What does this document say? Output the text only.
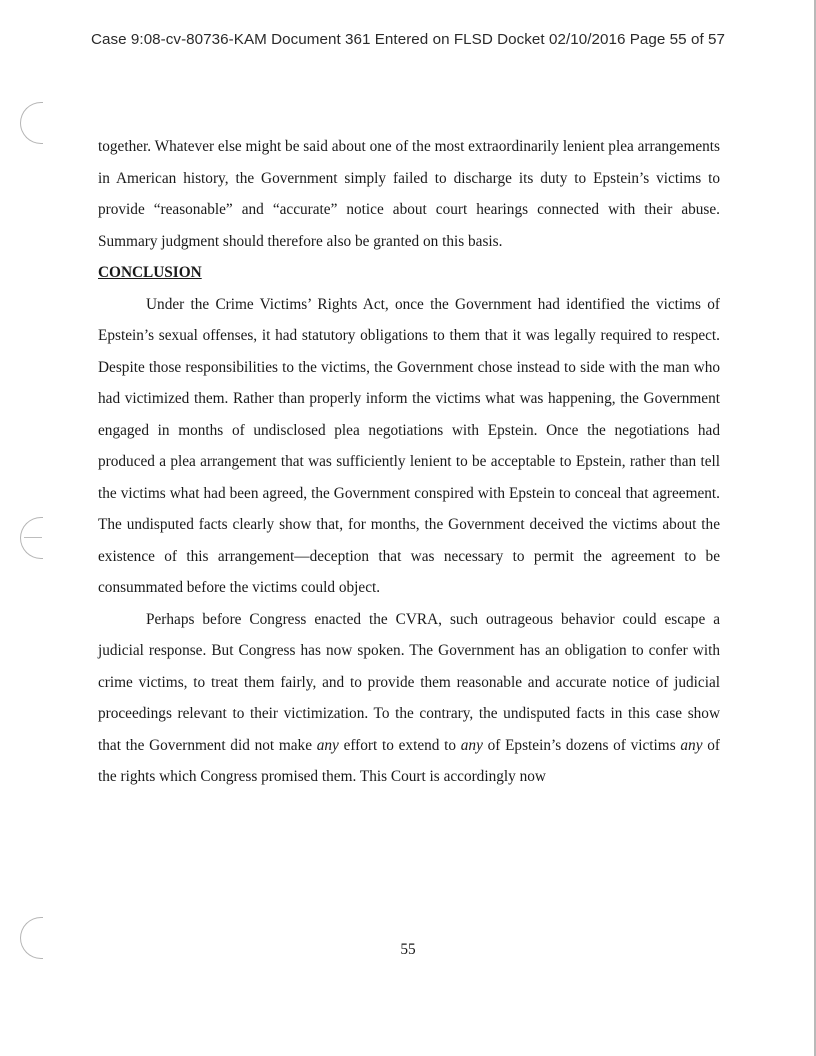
Case 9:08-cv-80736-KAM Document 361 Entered on FLSD Docket 02/10/2016 Page 55 of 57

together. Whatever else might be said about one of the most extraordinarily lenient plea arrangements in American history, the Government simply failed to discharge its duty to Epstein’s victims to provide “reasonable” and “accurate” notice about court hearings connected with their abuse. Summary judgment should therefore also be granted on this basis.

CONCLUSION

Under the Crime Victims’ Rights Act, once the Government had identified the victims of Epstein’s sexual offenses, it had statutory obligations to them that it was legally required to respect. Despite those responsibilities to the victims, the Government chose instead to side with the man who had victimized them. Rather than properly inform the victims what was happening, the Government engaged in months of undisclosed plea negotiations with Epstein. Once the negotiations had produced a plea arrangement that was sufficiently lenient to be acceptable to Epstein, rather than tell the victims what had been agreed, the Government conspired with Epstein to conceal that agreement. The undisputed facts clearly show that, for months, the Government deceived the victims about the existence of this arrangement—deception that was necessary to permit the agreement to be consummated before the victims could object.

Perhaps before Congress enacted the CVRA, such outrageous behavior could escape a judicial response. But Congress has now spoken. The Government has an obligation to confer with crime victims, to treat them fairly, and to provide them reasonable and accurate notice of judicial proceedings relevant to their victimization. To the contrary, the undisputed facts in this case show that the Government did not make any effort to extend to any of Epstein’s dozens of victims any of the rights which Congress promised them. This Court is accordingly now

55
